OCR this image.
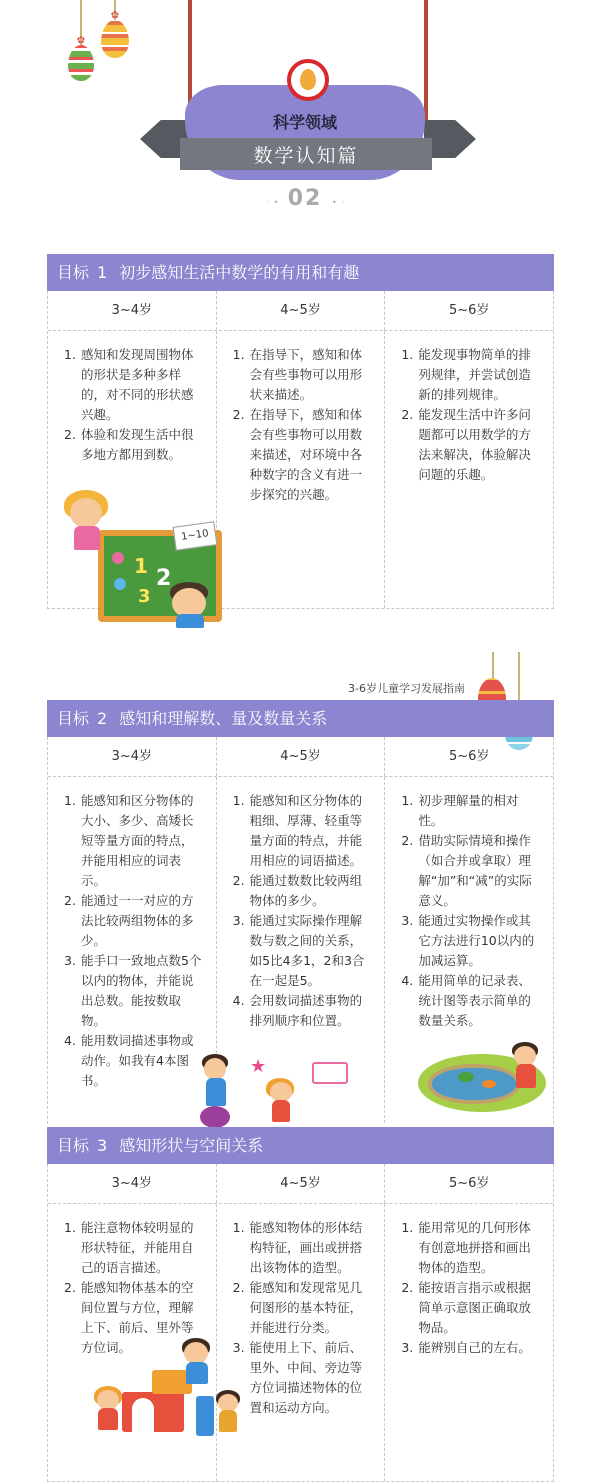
✿
✿
科学领域
数学认知篇
·• 02	•·
目标 1 初步感知生活中数学的有用和有趣
3~4岁	4~5岁	5~6岁
1. 感知和发现周围物体的形状是多种多样的，对不同的形状感兴趣。
2. 体验和发现生活中很多地方都用到数。
1. 在指导下，感知和体会有些事物可以用形状来描述。
2. 在指导下，感知和体会有些事物可以用数来描述，对环境中各种数字的含义有进一步探究的兴趣。
1. 能发现事物简单的排列规律，并尝试创造新的排列规律。
2. 能发现生活中许多问题都可以用数学的方法来解决，体验解决问题的乐趣。
1 2
3
1~10
3-6岁儿童学习发展指南
目标 2 感知和理解数、量及数量关系
3~4岁	4~5岁	5~6岁
1. 能感知和区分物体的大小、多少、高矮长短等量方面的特点，并能用相应的词表示。
2. 能通过一一对应的方法比较两组物体的多少。
3. 能手口一致地点数5个以内的物体，并能说出总数。能按数取物。
4. 能用数词描述事物或动作。如我有4本图书。
1. 能感知和区分物体的粗细、厚薄、轻重等量方面的特点，并能用相应的词语描述。
2. 能通过数数比较两组物体的多少。
3. 能通过实际操作理解数与数之间的关系，如5比4多1，2和3合在一起是5。
4. 会用数词描述事物的排列顺序和位置。
1. 初步理解量的相对性。
2. 借助实际情境和操作（如合并或拿取）理解“加”和“减”的实际意义。
3. 能通过实物操作或其它方法进行10以内的加减运算。
4. 能用简单的记录表、统计图等表示简单的数量关系。
★
目标 3 感知形状与空间关系
3~4岁	4~5岁	5~6岁
1. 能注意物体较明显的形状特征，并能用自己的语言描述。
2. 能感知物体基本的空间位置与方位，理解上下、前后、里外等方位词。
1. 能感知物体的形体结构特征，画出或拼搭出该物体的造型。
2. 能感知和发现常见几何图形的基本特征，并能进行分类。
3. 能使用上下、前后、里外、中间、旁边等方位词描述物体的位置和运动方向。
1. 能用常见的几何形体有创意地拼搭和画出物体的造型。
2. 能按语言指示或根据简单示意图正确取放物品。
3. 能辨别自己的左右。
